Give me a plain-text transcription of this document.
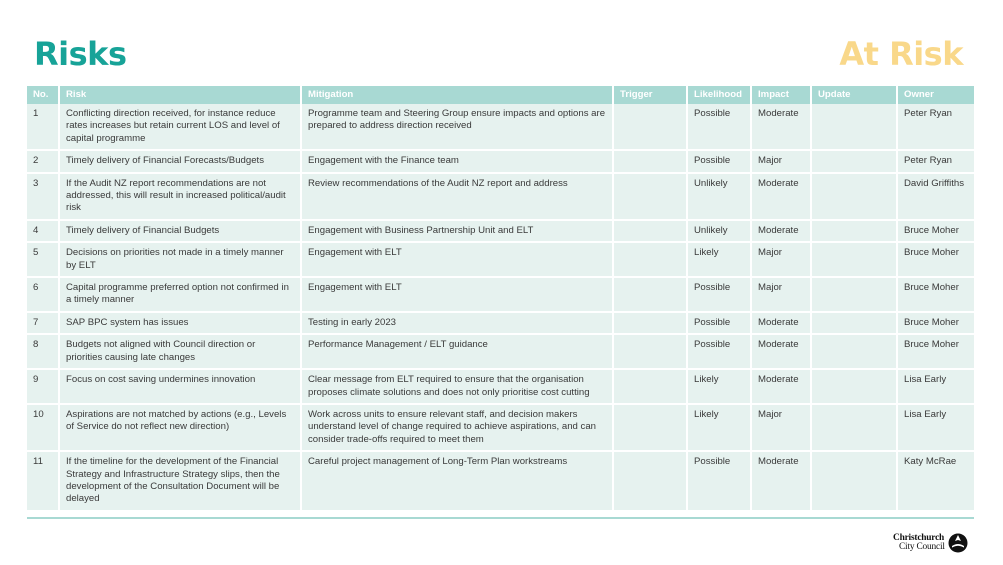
Risks	At Risk
No.	Risk	Mitigation	Trigger	Likelihood	Impact	Update	Owner
1	Conflicting direction received, for instance reduce rates increases but retain current LOS and level of capital programme	Programme team and Steering Group ensure impacts and options are prepared to address direction received		Possible	Moderate		Peter Ryan
2	Timely delivery of Financial Forecasts/Budgets	Engagement with the Finance team		Possible	Major		Peter Ryan
3	If the Audit NZ report recommendations are not addressed, this will result in increased political/audit risk	Review recommendations of the Audit NZ report and address		Unlikely	Moderate		David Griffiths
4	Timely delivery of Financial Budgets	Engagement with Business Partnership Unit and ELT		Unlikely	Moderate		Bruce Moher
5	Decisions on priorities not made in a timely manner by ELT	Engagement with ELT		Likely	Major		Bruce Moher
6	Capital programme preferred option not confirmed in a timely manner	Engagement with ELT		Possible	Major		Bruce Moher
7	SAP BPC system has issues	Testing in early 2023		Possible	Moderate		Bruce Moher
8	Budgets not aligned with Council direction or priorities causing late changes	Performance Management / ELT guidance		Possible	Moderate		Bruce Moher
9	Focus on cost saving undermines innovation	Clear message from ELT required to ensure that the organisation proposes climate solutions and does not only prioritise cost cutting		Likely	Moderate		Lisa Early
10	Aspirations are not matched by actions (e.g., Levels of Service do not reflect new direction)	Work across units to ensure relevant staff, and decision makers understand level of change required to achieve aspirations, and can consider trade-offs required to meet them		Likely	Major		Lisa Early
11	If the timeline for the development of the Financial Strategy and Infrastructure Strategy slips, then the development of the Consultation Document will be delayed	Careful project management of Long-Term Plan workstreams		Possible	Moderate		Katy McRae
Christchurch
City Council
